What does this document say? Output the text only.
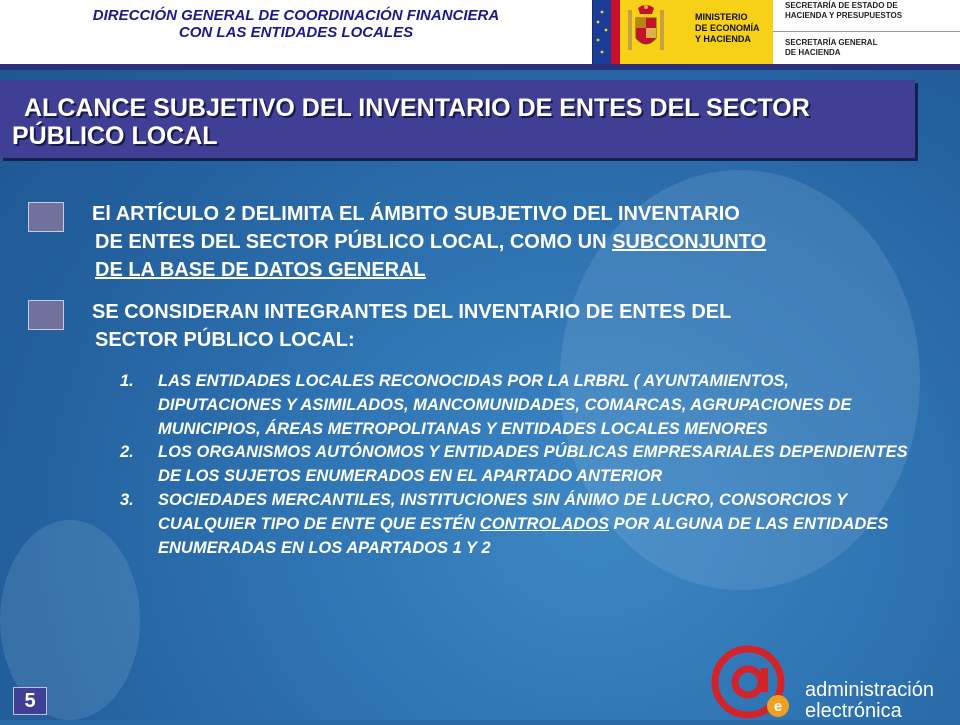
DIRECCIÓN GENERAL DE COORDINACIÓN FINANCIERA
CON LAS ENTIDADES LOCALES
MINISTERIO
DE ECONOMÍA
Y HACIENDA
SECRETARÍA DE ESTADO DE
HACIENDA Y PRESUPUESTOS
SECRETARÍA GENERAL
DE HACIENDA
ALCANCE SUBJETIVO DEL INVENTARIO DE ENTES DEL SECTOR
PÚBLICO LOCAL
El ARTÍCULO 2 DELIMITA EL ÁMBITO SUBJETIVO DEL INVENTARIO
DE ENTES DEL SECTOR PÚBLICO LOCAL, COMO UN SUBCONJUNTO
DE LA BASE DE DATOS GENERAL
SE CONSIDERAN INTEGRANTES DEL INVENTARIO DE ENTES DEL
SECTOR PÚBLICO LOCAL:
1. LAS ENTIDADES LOCALES RECONOCIDAS POR LA LRBRL ( AYUNTAMIENTOS, DIPUTACIONES Y ASIMILADOS, MANCOMUNIDADES, COMARCAS, AGRUPACIONES DE MUNICIPIOS, ÁREAS METROPOLITANAS Y ENTIDADES LOCALES MENORES
2. LOS ORGANISMOS AUTÓNOMOS Y ENTIDADES PÚBLICAS EMPRESARIALES DEPENDIENTES DE LOS SUJETOS ENUMERADOS EN EL APARTADO ANTERIOR
3. SOCIEDADES MERCANTILES, INSTITUCIONES SIN ÁNIMO DE LUCRO, CONSORCIOS Y CUALQUIER TIPO DE ENTE QUE ESTÉN CONTROLADOS POR ALGUNA DE LAS ENTIDADES ENUMERADAS EN LOS APARTADOS 1 Y 2
5	e
administración
electrónica
